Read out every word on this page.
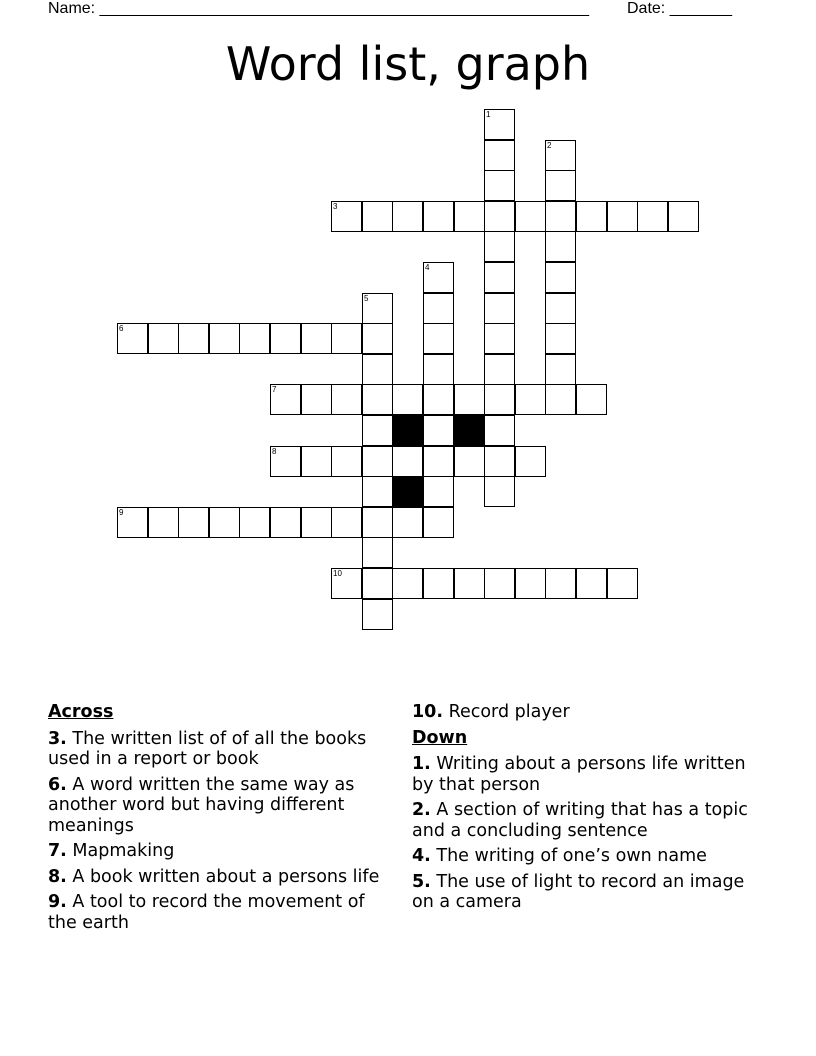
Name: _______________________________________________________ Date: _______
Word list, graph
1
2
3
4
5
6
7
8
9
10
Across
3. The written list of of all the books used in a report or book
6. A word written the same way as another word but having different meanings
7. Mapmaking
8. A book written about a persons life
9. A tool to record the movement of the earth
10. Record player
Down
1. Writing about a persons life written by that person
2. A section of writing that has a topic and a concluding sentence
4. The writing of one’s own name
5. The use of light to record an image on a camera
